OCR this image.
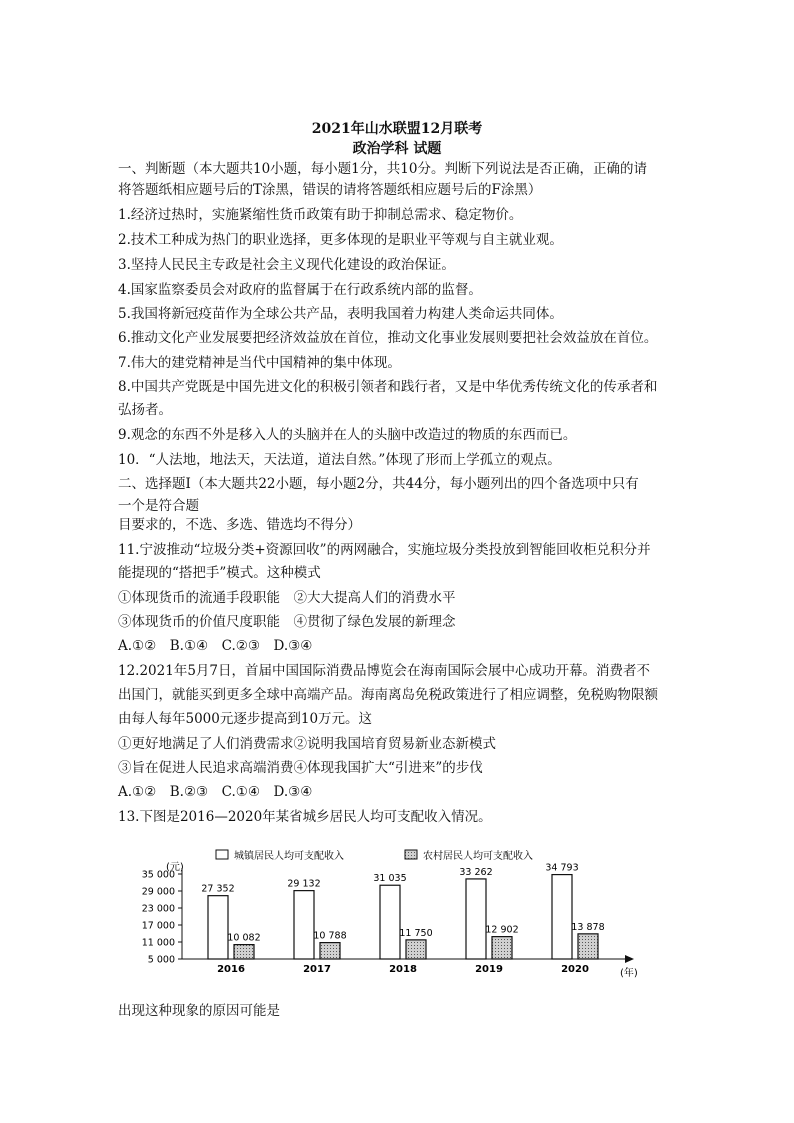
2021年山水联盟12月联考
政治学科 试题
一、判断题（本大题共10小题，每小题1分，共10分。判断下列说法是否正确，正确的请
将答题纸相应题号后的T涂黑，错误的请将答题纸相应题号后的F涂黑）
1.经济过热时，实施紧缩性货币政策有助于抑制总需求、稳定物价。
2.技术工种成为热门的职业选择，更多体现的是职业平等观与自主就业观。
3.坚持人民民主专政是社会主义现代化建设的政治保证。
4.国家监察委员会对政府的监督属于在行政系统内部的监督。
5.我国将新冠疫苗作为全球公共产品，表明我国着力构建人类命运共同体。
6.推动文化产业发展要把经济效益放在首位，推动文化事业发展则要把社会效益放在首位。
7.伟大的建党精神是当代中国精神的集中体现。
8.中国共产党既是中国先进文化的积极引领者和践行者，又是中华优秀传统文化的传承者和
弘扬者。
9.观念的东西不外是移入人的头脑并在人的头脑中改造过的物质的东西而已。
10．“人法地，地法天，天法道，道法自然。”体现了形而上学孤立的观点。
二、选择题Ⅰ（本大题共22小题，每小题2分，共44分，每小题列出的四个备选项中只有
一个是符合题
目要求的，不选、多选、错选均不得分）
11.宁波推动“垃圾分类+资源回收”的两网融合，实施垃圾分类投放到智能回收柜兑积分并
能提现的“搭把手”模式。这种模式
①体现货币的流通手段职能　②大大提高人们的消费水平
③体现货币的价值尺度职能　④贯彻了绿色发展的新理念
A.①②　B.①④　C.②③　D.③④
12.2021年5月7日，首届中国国际消费品博览会在海南国际会展中心成功开幕。消费者不
出国门，就能买到更多全球中高端产品。海南离岛免税政策进行了相应调整，免税购物限额
由每人每年5000元逐步提高到10万元。这
①更好地满足了人们消费需求②说明我国培育贸易新业态新模式
③旨在促进人民追求高端消费④体现我国扩大“引进来”的步伐
A.①②　B.②③　C.①④　D.③④
13.下图是2016—2020年某省城乡居民人均可支配收入情况。
城镇居民人均可支配收入	农村居民人均可支配收入
(元)
(年)
35 000
29 000
23 000
17 000
11 000
5 000
27 352
10 082
2016
29 132
10 788
2017
31 035
11 750
2018
33 262
12 902
2019
34 793
13 878
2020
出现这种现象的原因可能是
